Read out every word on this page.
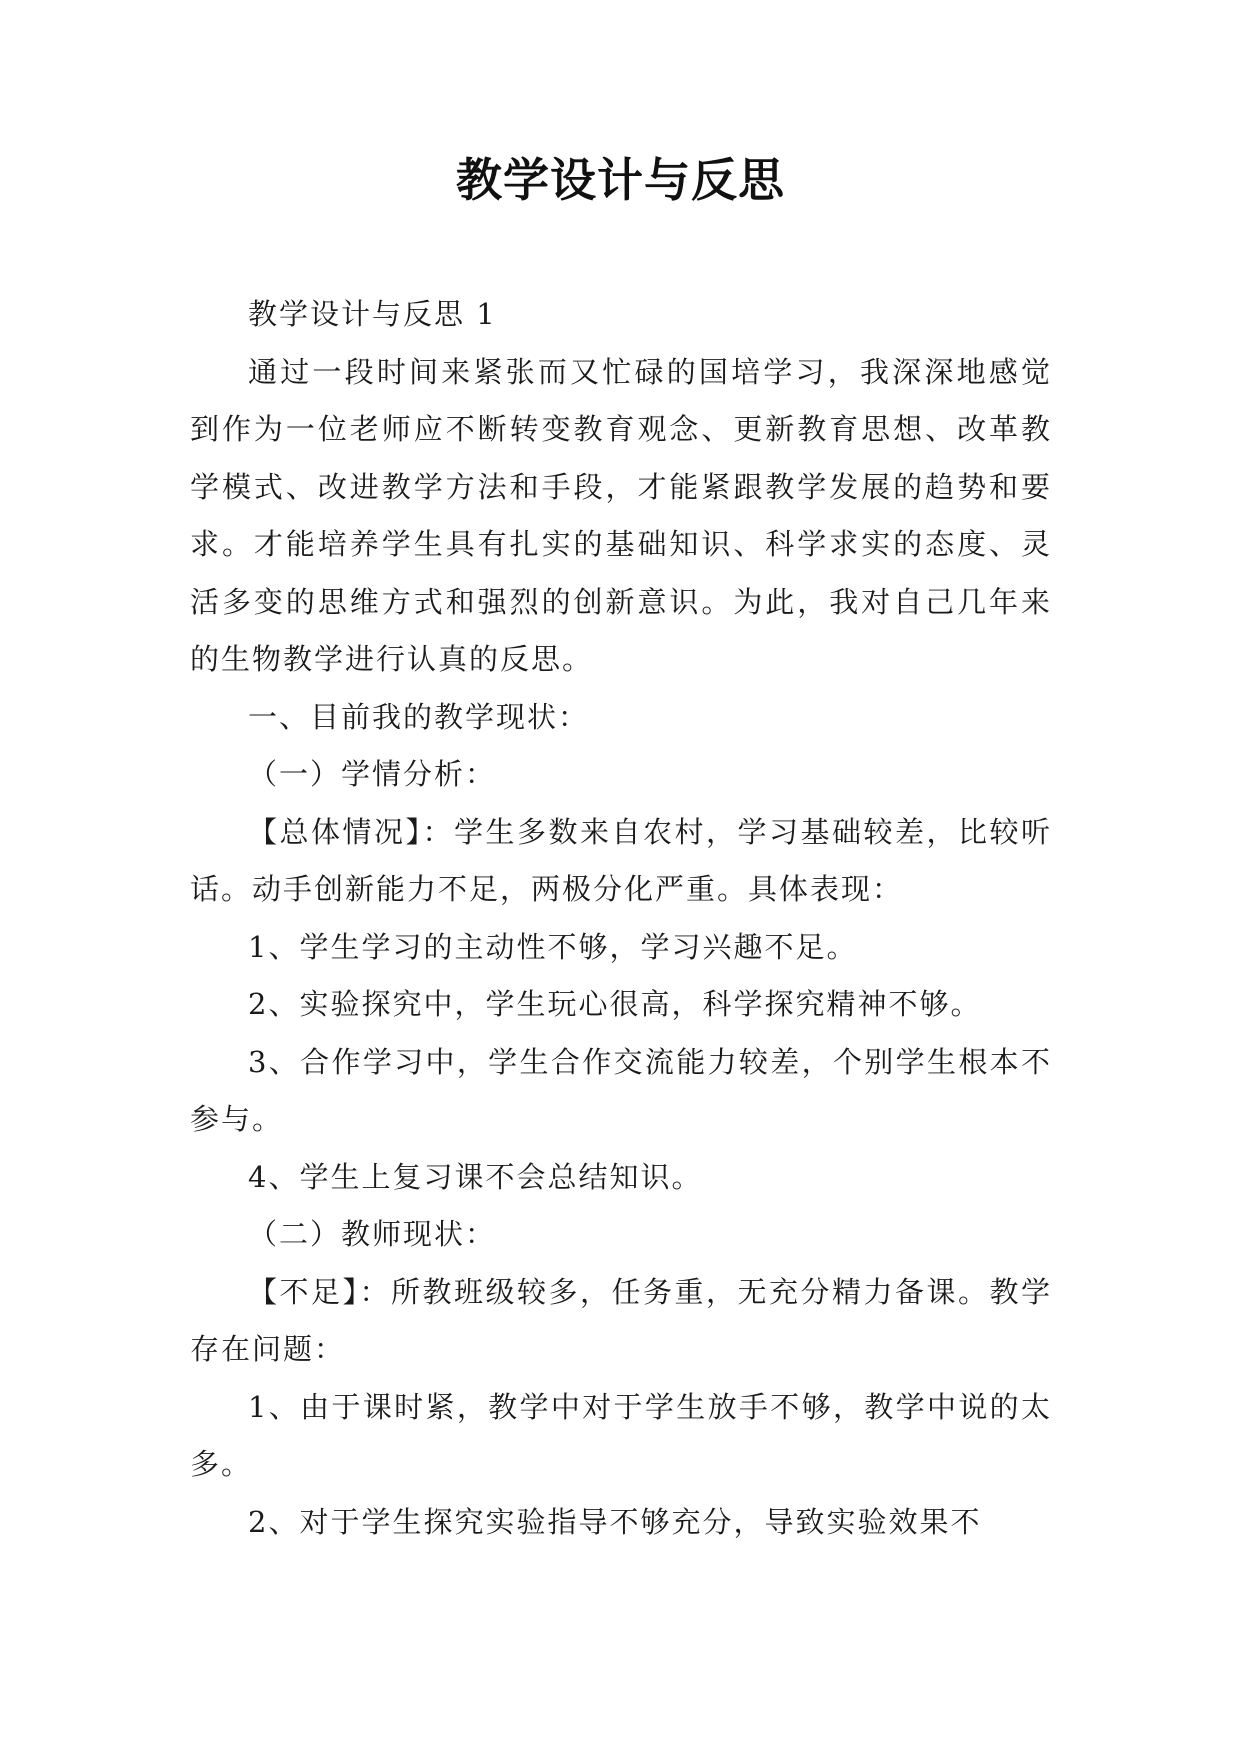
教学设计与反思

教学设计与反思 1

通过一段时间来紧张而又忙碌的国培学习，我深深地感觉到作为一位老师应不断转变教育观念、更新教育思想、改革教学模式、改进教学方法和手段，才能紧跟教学发展的趋势和要求。才能培养学生具有扎实的基础知识、科学求实的态度、灵活多变的思维方式和强烈的创新意识。为此，我对自己几年来的生物教学进行认真的反思。

一、目前我的教学现状：

（一）学情分析：

【总体情况】：学生多数来自农村，学习基础较差，比较听话。动手创新能力不足，两极分化严重。具体表现：

1、学生学习的主动性不够，学习兴趣不足。

2、实验探究中，学生玩心很高，科学探究精神不够。

3、合作学习中，学生合作交流能力较差，个别学生根本不参与。

4、学生上复习课不会总结知识。

（二）教师现状：

【不足】：所教班级较多，任务重，无充分精力备课。教学存在问题：

1、由于课时紧，教学中对于学生放手不够，教学中说的太多。

2、对于学生探究实验指导不够充分，导致实验效果不
